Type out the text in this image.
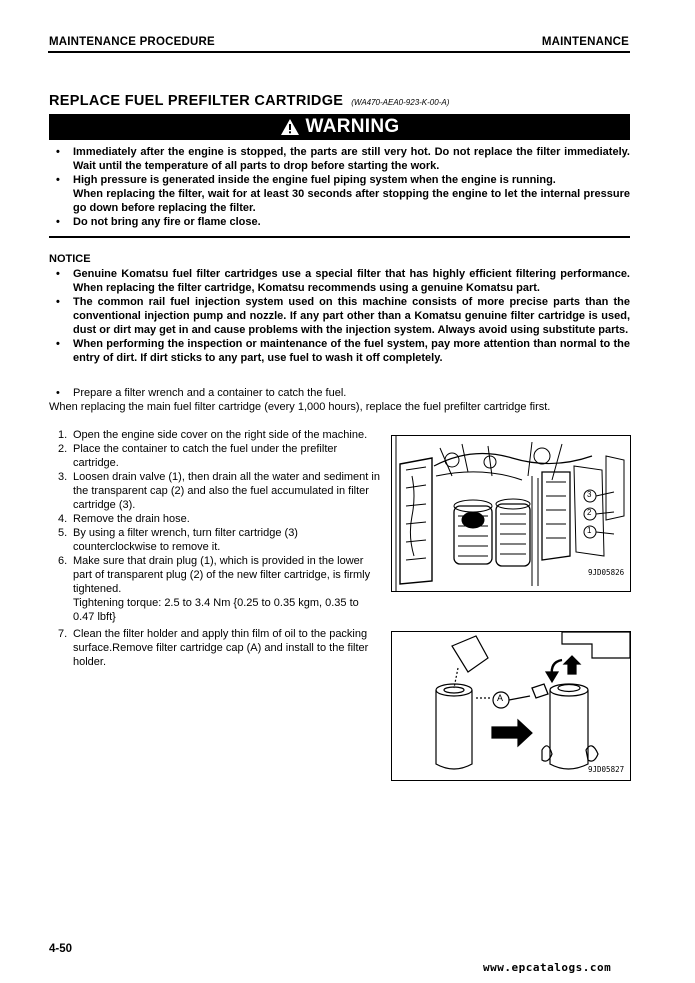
MAINTENANCE PROCEDURE	MAINTENANCE
REPLACE FUEL PREFILTER CARTRIDGE (WA470-AEA0-923-K-00-A)
WARNING
• Immediately after the engine is stopped, the parts are still very hot. Do not replace the filter immediately. Wait until the temperature of all parts to drop before starting the work.
• High pressure is generated inside the engine fuel piping system when the engine is running.
When replacing the filter, wait for at least 30 seconds after stopping the engine to let the internal pressure go down before replacing the filter.
• Do not bring any fire or flame close.
NOTICE
• Genuine Komatsu fuel filter cartridges use a special filter that has highly efficient filtering performance. When replacing the filter cartridge, Komatsu recommends using a genuine Komatsu part.
• The common rail fuel injection system used on this machine consists of more precise parts than the conventional injection pump and nozzle. If any part other than a Komatsu genuine filter cartridge is used, dust or dirt may get in and cause problems with the injection system. Always avoid using substitute parts.
• When performing the inspection or maintenance of the fuel system, pay more attention than normal to the entry of dirt. If dirt sticks to any part, use fuel to wash it off completely.
• Prepare a filter wrench and a container to catch the fuel.
When replacing the main fuel filter cartridge (every 1,000 hours), replace the fuel prefilter cartridge first.
1. Open the engine side cover on the right side of the machine.
2. Place the container to catch the fuel under the prefilter cartridge.
3. Loosen drain valve (1), then drain all the water and sediment in the transparent cap (2) and also the fuel accumulated in filter cartridge (3).
4. Remove the drain hose.
5. By using a filter wrench, turn filter cartridge (3) counterclockwise to remove it.
6. Make sure that drain plug (1), which is provided in the lower part of transparent plug (2) of the new filter cartridge, is firmly tightened.
Tightening torque: 2.5 to 3.4 Nm {0.25 to 0.35 kgm, 0.35 to 0.47 lbft}
7. Clean the filter holder and apply thin film of oil to the packing surface.Remove filter cartridge cap (A) and install to the filter holder.
3
2
1
9JD05826
A
9JD05827
4-50
www.epcatalogs.com
